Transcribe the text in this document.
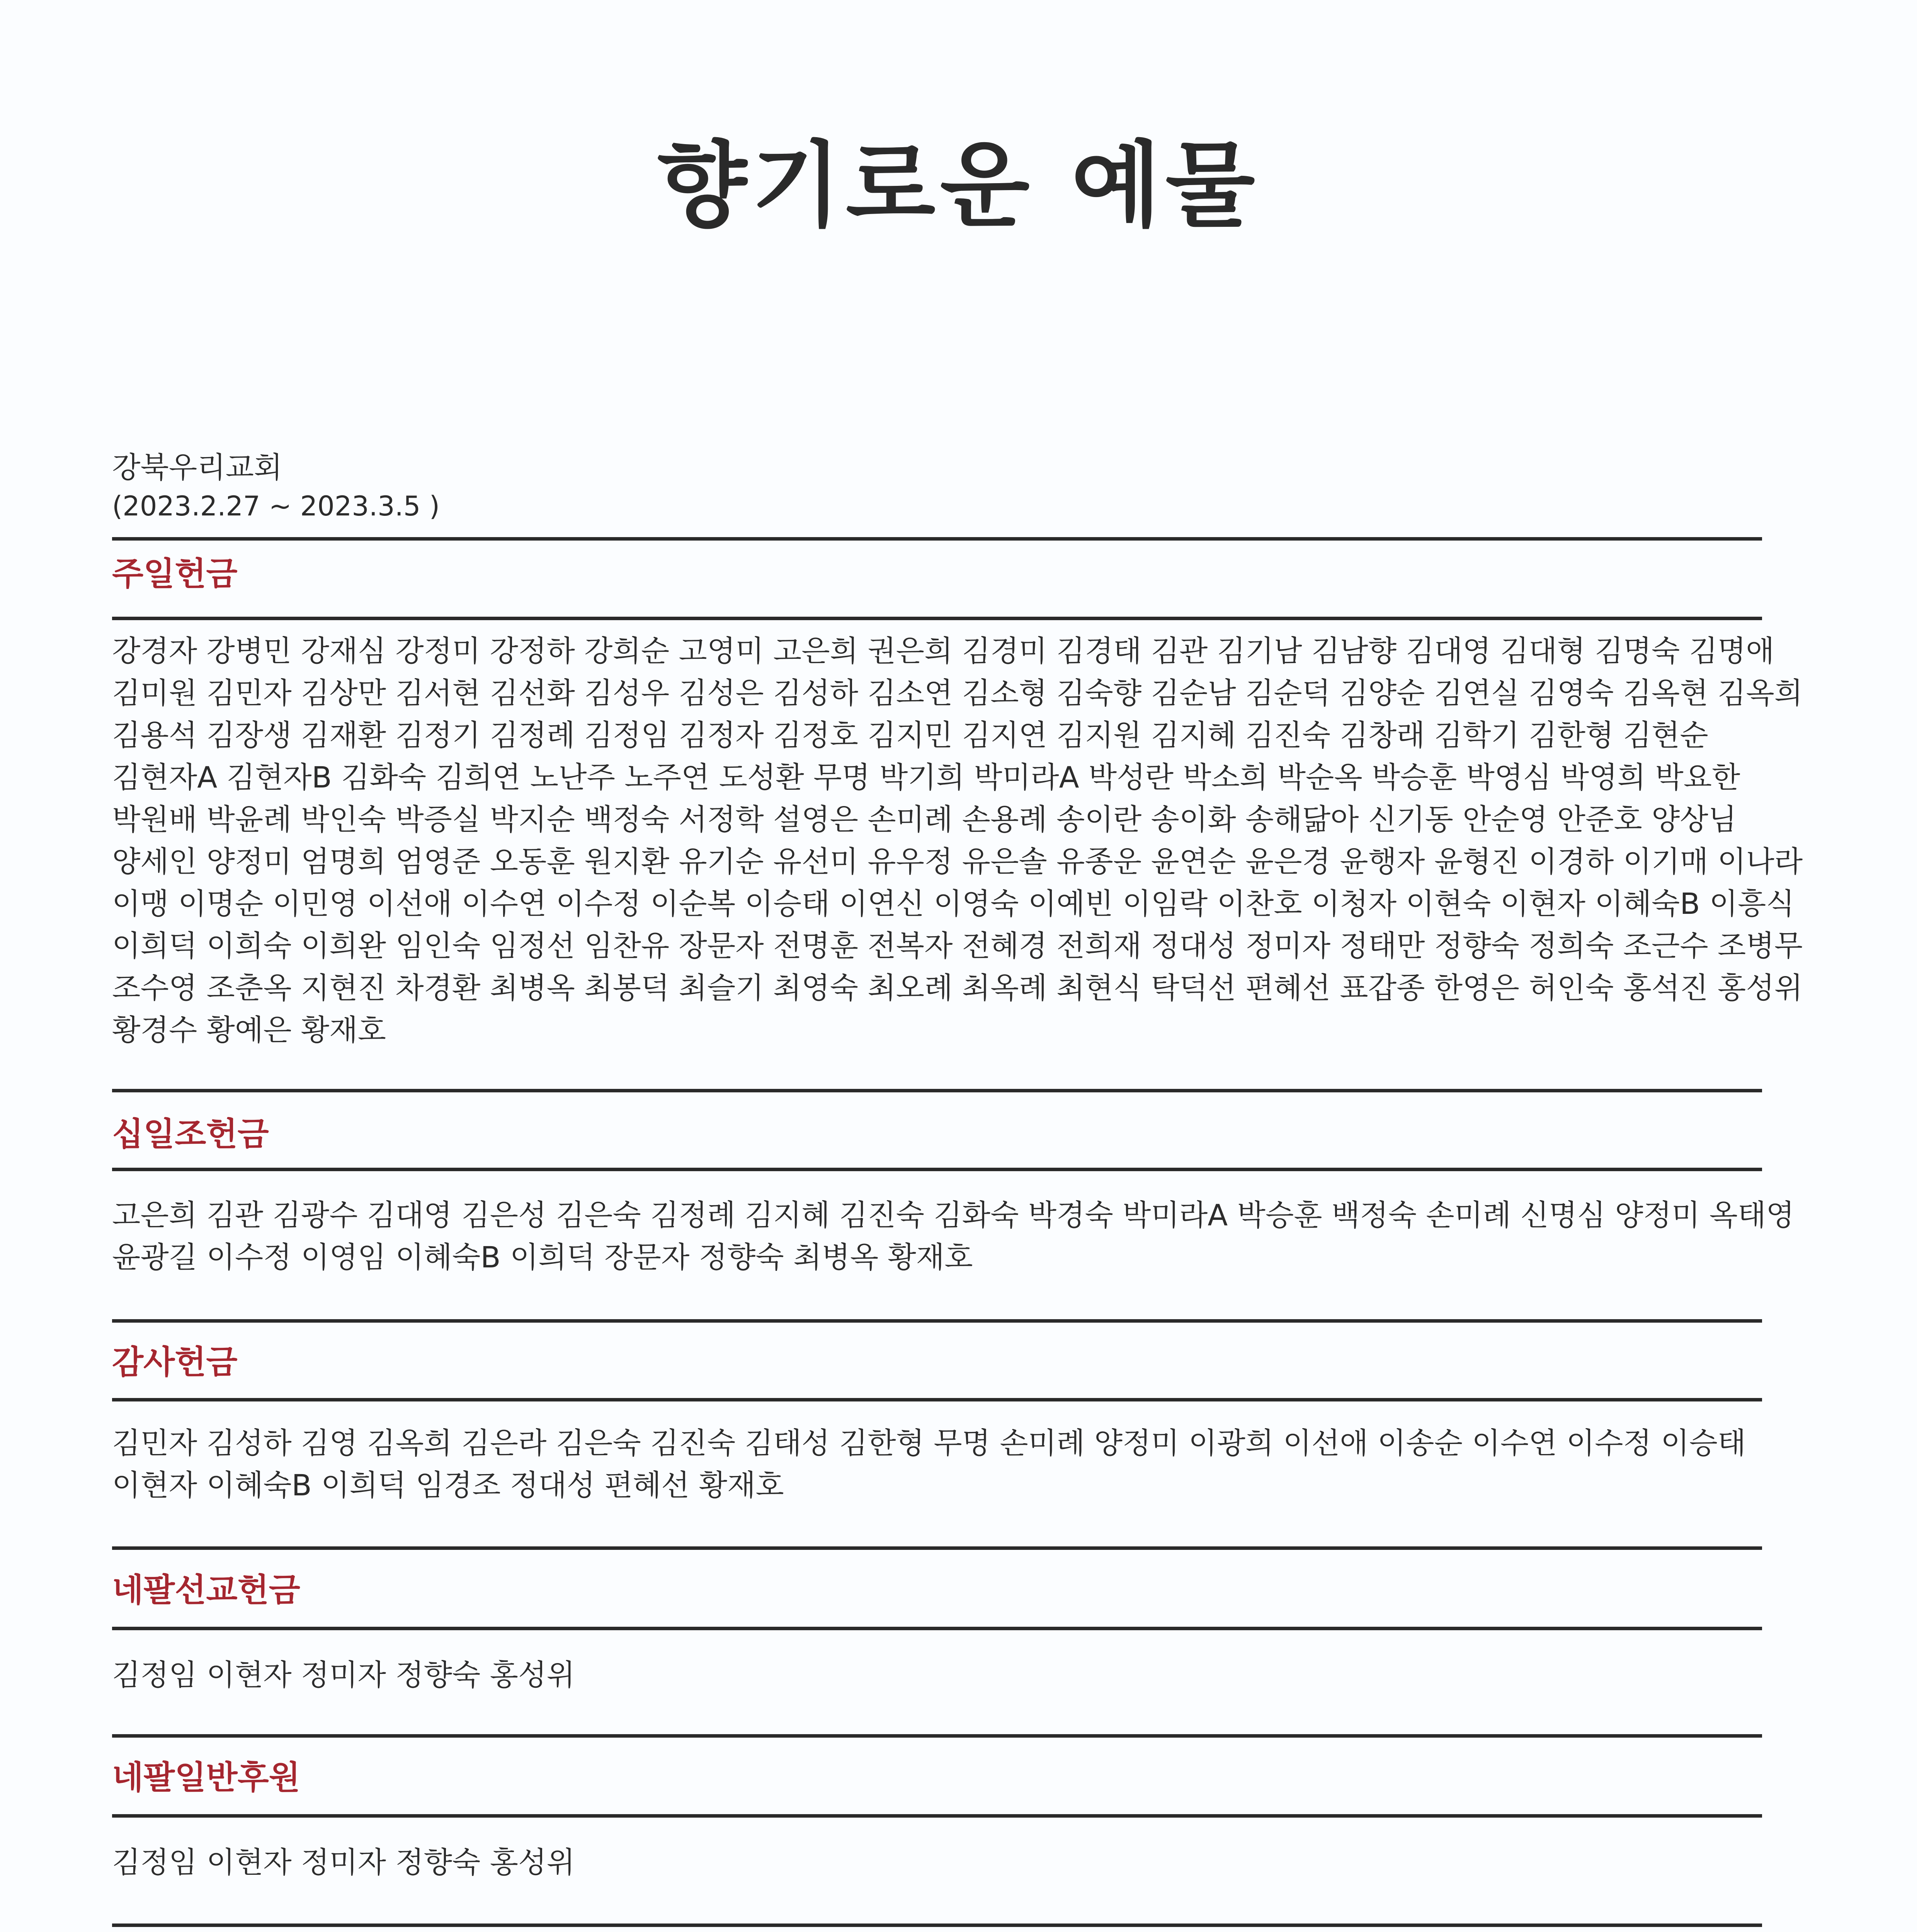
향기로운 예물
강북우리교회
(2023.2.27 ~ 2023.3.5 )
주일헌금
강경자 강병민 강재심 강정미 강정하 강희순 고영미 고은희 권은희 김경미 김경태 김관 김기남 김남향 김대영 김대형 김명숙 김명애 김미원 김민자 김상만 김서현 김선화 김성우 김성은 김성하 김소연 김소형 김숙향 김순남 김순덕 김양순 김연실 김영숙 김옥현 김옥희 김용석 김장생 김재환 김정기 김정례 김정임 김정자 김정호 김지민 김지연 김지원 김지혜 김진숙 김창래 김학기 김한형 김현순 김현자A 김현자B 김화숙 김희연 노난주 노주연 도성환 무명 박기희 박미라A 박성란 박소희 박순옥 박승훈 박영심 박영희 박요한 박원배 박윤례 박인숙 박증실 박지순 백정숙 서정학 설영은 손미례 손용례 송이란 송이화 송해닮아 신기동 안순영 안준호 양상님 양세인 양정미 엄명희 엄영준 오동훈 원지환 유기순 유선미 유우정 유은솔 유종운 윤연순 윤은경 윤행자 윤형진 이경하 이기매 이나라 이맹 이명순 이민영 이선애 이수연 이수정 이순복 이승태 이연신 이영숙 이예빈 이임락 이찬호 이청자 이현숙 이현자 이혜숙B 이흥식 이희덕 이희숙 이희완 임인숙 임정선 임찬유 장문자 전명훈 전복자 전혜경 전희재 정대성 정미자 정태만 정향숙 정희숙 조근수 조병무 조수영 조춘옥 지현진 차경환 최병옥 최봉덕 최슬기 최영숙 최오례 최옥례 최현식 탁덕선 편혜선 표갑종 한영은 허인숙 홍석진 홍성위 황경수 황예은 황재호
십일조헌금
고은희 김관 김광수 김대영 김은성 김은숙 김정례 김지혜 김진숙 김화숙 박경숙 박미라A 박승훈 백정숙 손미례 신명심 양정미 옥태영 윤광길 이수정 이영임 이혜숙B 이희덕 장문자 정향숙 최병옥 황재호
감사헌금
김민자 김성하 김영 김옥희 김은라 김은숙 김진숙 김태성 김한형 무명 손미례 양정미 이광희 이선애 이송순 이수연 이수정 이승태 이현자 이혜숙B 이희덕 임경조 정대성 편혜선 황재호
네팔선교헌금
김정임 이현자 정미자 정향숙 홍성위
네팔일반후원
김정임 이현자 정미자 정향숙 홍성위
